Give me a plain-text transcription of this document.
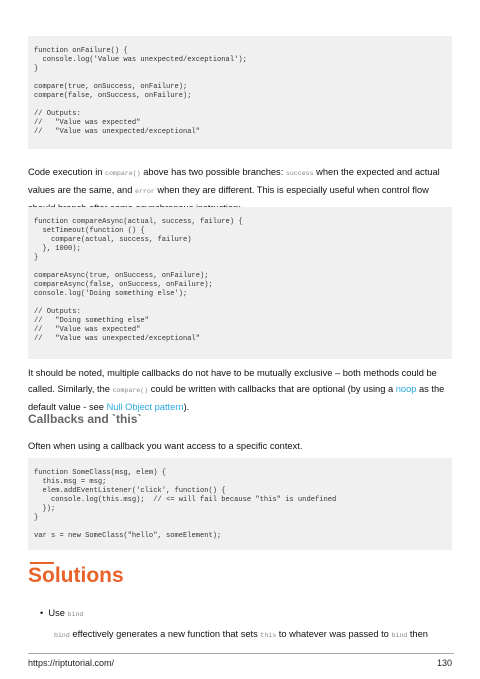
function onFailure() {
console.log('Value was unexpected/exceptional');
}
compare(true, onSuccess, onFailure);
compare(false, onSuccess, onFailure);
// Outputs:
//   "Value was expected"
//   "Value was unexpected/exceptional"
Code execution in compare() above has two possible branches: success when the expected and actual values are the same, and error when they are different. This is especially useful when control flow
function compareAsync(actual, success, failure) {
setTimeout(function () {
compare(actual, success, failure)
}, 1000);
}
compareAsync(true, onSuccess, onFailure);
compareAsync(false, onSuccess, onFailure);
console.log('Doing something else');
// Outputs:
//   "Doing something else"
//   "Value was expected"
//   "Value was unexpected/exceptional"
It should be noted, multiple callbacks do not have to be mutually exclusive – both methods could be called. Similarly, the compare() could be written with callbacks that are optional (by using a noop as the default value - see Null Object pattern).
Callbacks and `this`
Often when using a callback you want access to a specific context.
function SomeClass(msg, elem) {
this.msg = msg;
elem.addEventListener('click', function() {
console.log(this.msg);  // <= will fail because "this" is undefined
});
}
var s = new SomeClass("hello", someElement);
Solutions
•  Use bind
bind effectively generates a new function that sets this to whatever was passed to bind then
https://riptutorial.com/	130
